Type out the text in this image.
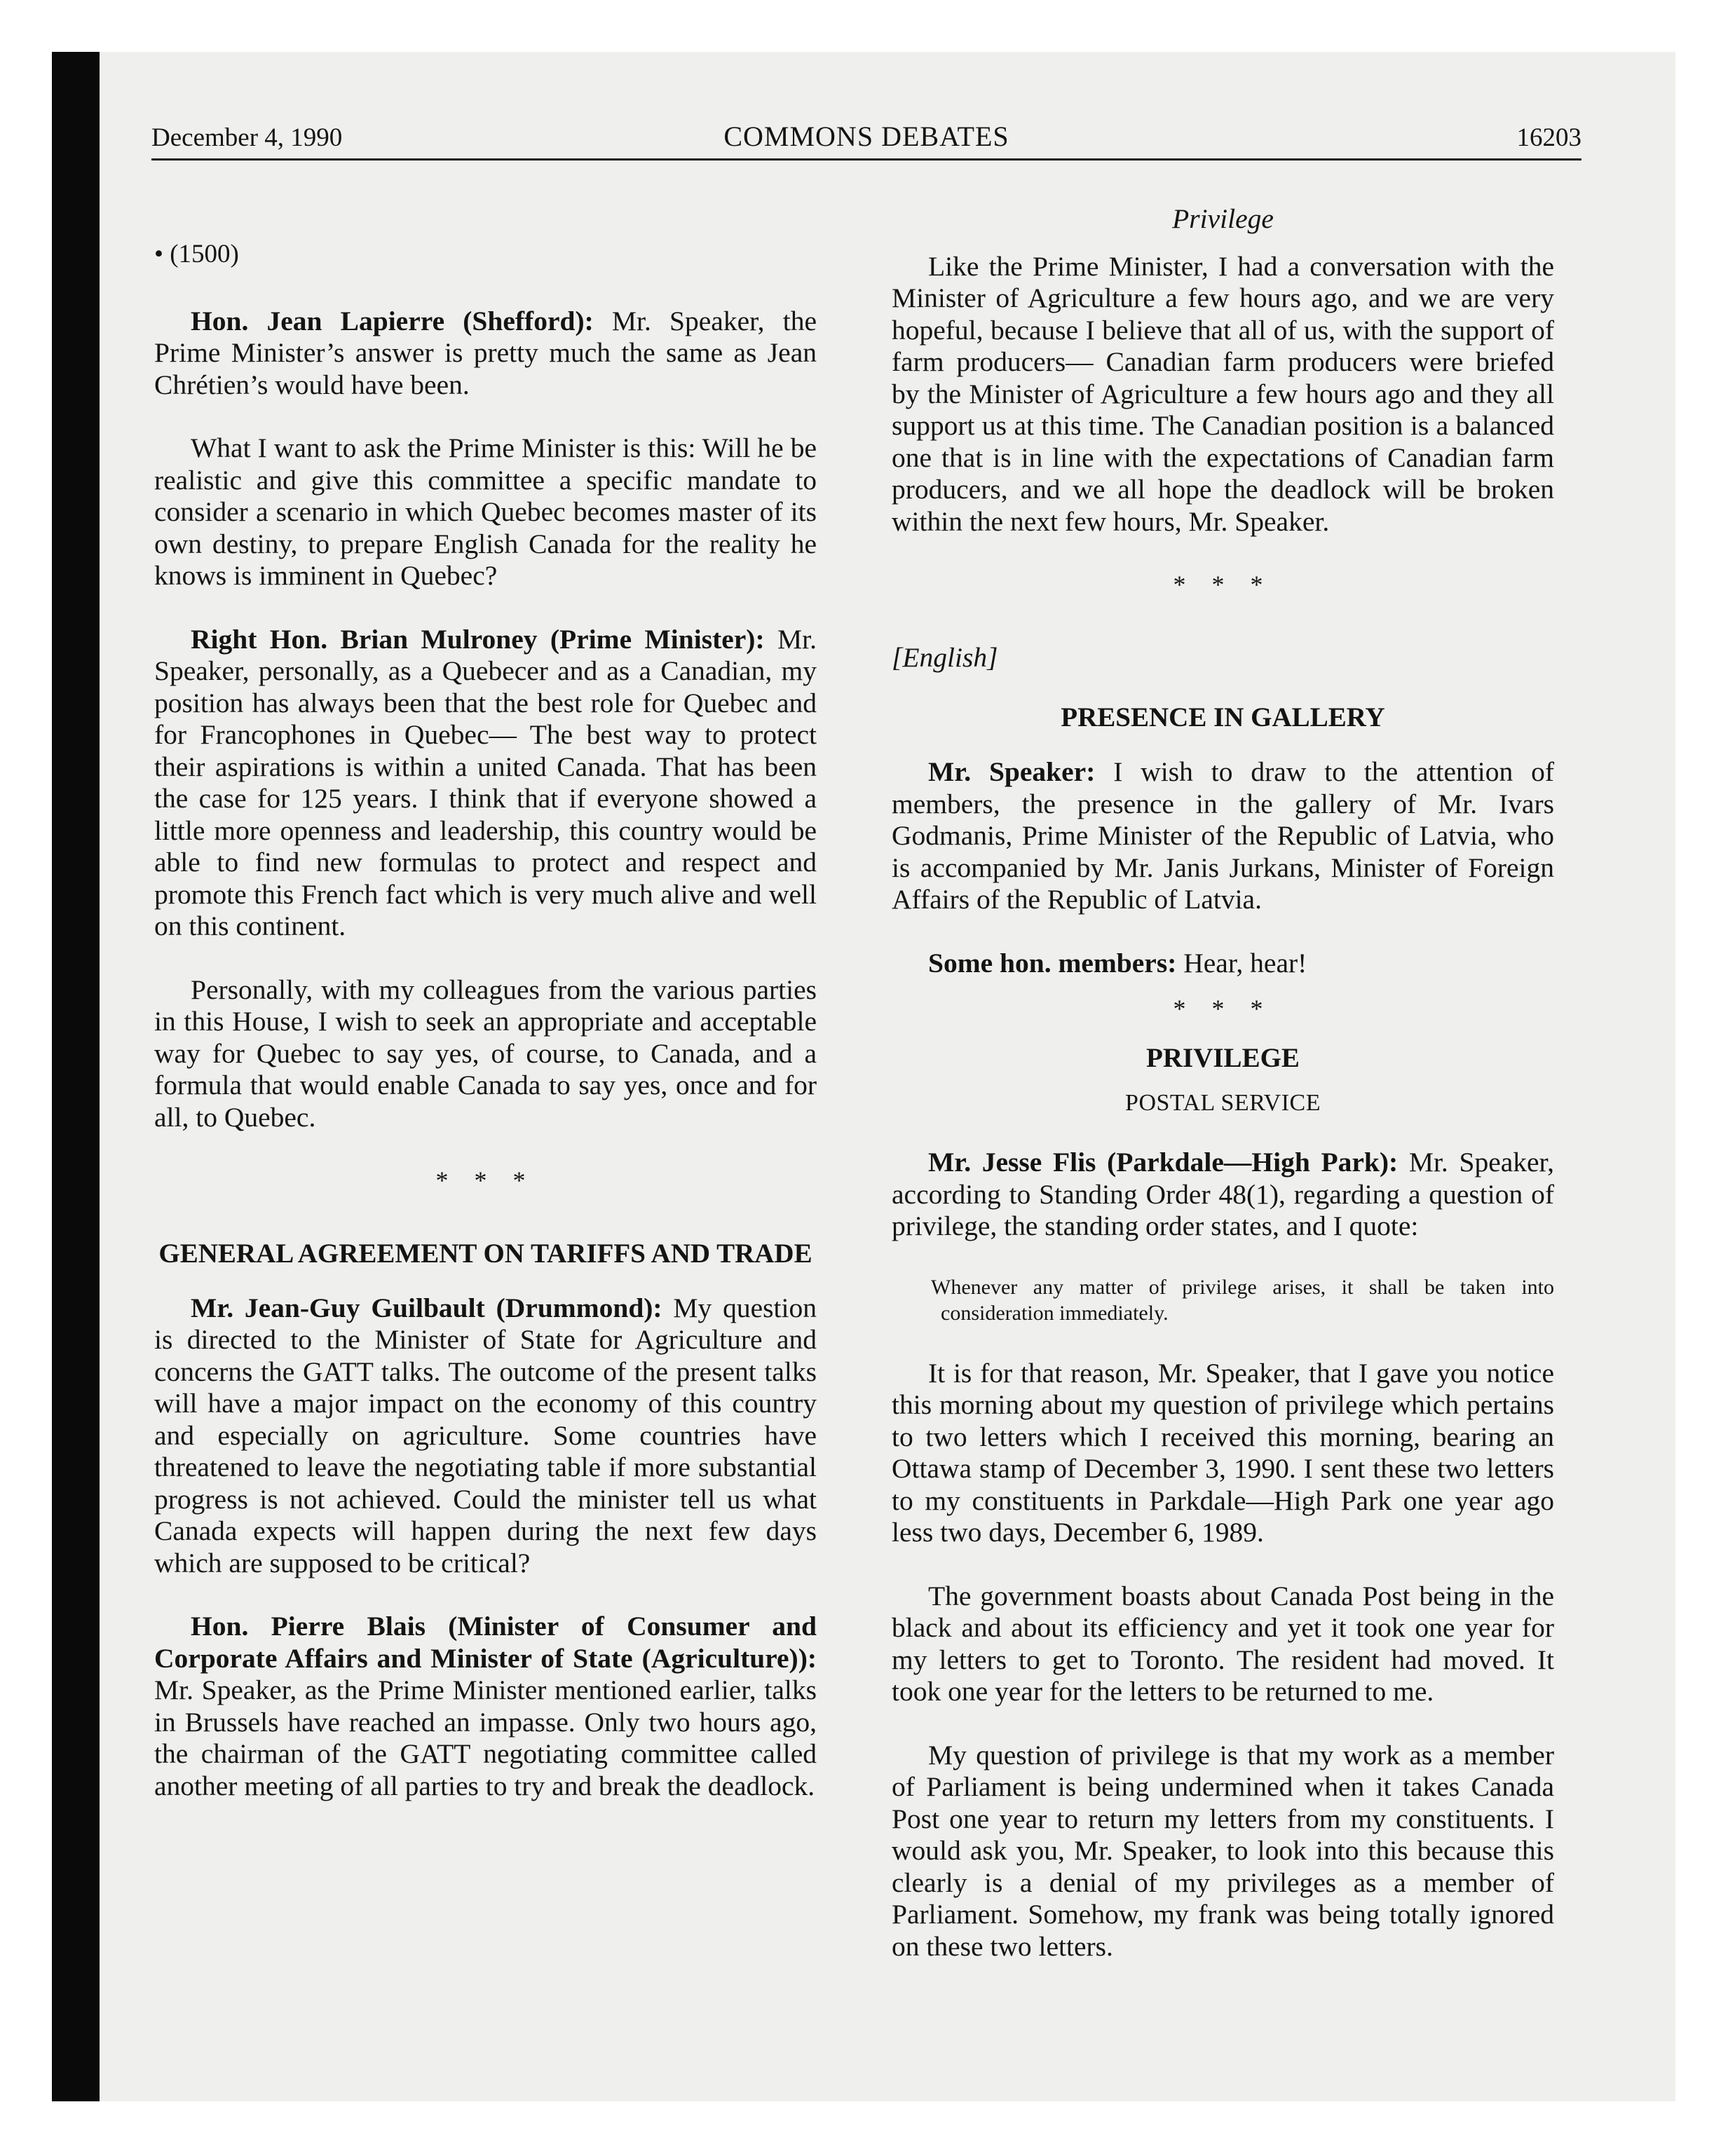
December 4, 1990	COMMONS DEBATES	16203
• (1500)

Hon. Jean Lapierre (Shefford): Mr. Speaker, the Prime Minister’s answer is pretty much the same as Jean Chrétien’s would have been.

What I want to ask the Prime Minister is this: Will he be realistic and give this committee a specific mandate to consider a scenario in which Quebec becomes master of its own destiny, to prepare English Canada for the reality he knows is imminent in Quebec?

Right Hon. Brian Mulroney (Prime Minister): Mr. Speaker, personally, as a Quebecer and as a Canadian, my position has always been that the best role for Quebec and for Francophones in Quebec— The best way to protect their aspirations is within a united Canada. That has been the case for 125 years. I think that if everyone showed a little more openness and leadership, this country would be able to find new formulas to protect and respect and promote this French fact which is very much alive and well on this continent.

Personally, with my colleagues from the various parties in this House, I wish to seek an appropriate and acceptable way for Quebec to say yes, of course, to Canada, and a formula that would enable Canada to say yes, once and for all, to Quebec.

* * *
GENERAL AGREEMENT ON TARIFFS AND TRADE

Mr. Jean-Guy Guilbault (Drummond): My question is directed to the Minister of State for Agriculture and concerns the GATT talks. The outcome of the present talks will have a major impact on the economy of this country and especially on agriculture. Some countries have threatened to leave the negotiating table if more substantial progress is not achieved. Could the minister tell us what Canada expects will happen during the next few days which are supposed to be critical?

Hon. Pierre Blais (Minister of Consumer and Corporate Affairs and Minister of State (Agriculture)): Mr. Speaker, as the Prime Minister mentioned earlier, talks in Brussels have reached an impasse. Only two hours ago, the chairman of the GATT negotiating committee called another meeting of all parties to try and break the deadlock.

Privilege

Like the Prime Minister, I had a conversation with the Minister of Agriculture a few hours ago, and we are very hopeful, because I believe that all of us, with the support of farm producers— Canadian farm producers were briefed by the Minister of Agriculture a few hours ago and they all support us at this time. The Canadian position is a balanced one that is in line with the expectations of Canadian farm producers, and we all hope the deadlock will be broken within the next few hours, Mr. Speaker.

* * *
[English]
PRESENCE IN GALLERY

Mr. Speaker: I wish to draw to the attention of members, the presence in the gallery of Mr. Ivars Godmanis, Prime Minister of the Republic of Latvia, who is accompanied by Mr. Janis Jurkans, Minister of Foreign Affairs of the Republic of Latvia.

Some hon. members: Hear, hear!

* * *
PRIVILEGE
POSTAL SERVICE

Mr. Jesse Flis (Parkdale—High Park): Mr. Speaker, according to Standing Order 48(1), regarding a question of privilege, the standing order states, and I quote:

Whenever any matter of privilege arises, it shall be taken into consideration immediately.

It is for that reason, Mr. Speaker, that I gave you notice this morning about my question of privilege which pertains to two letters which I received this morning, bearing an Ottawa stamp of December 3, 1990. I sent these two letters to my constituents in Parkdale—High Park one year ago less two days, December 6, 1989.

The government boasts about Canada Post being in the black and about its efficiency and yet it took one year for my letters to get to Toronto. The resident had moved. It took one year for the letters to be returned to me.

My question of privilege is that my work as a member of Parliament is being undermined when it takes Canada Post one year to return my letters from my constituents. I would ask you, Mr. Speaker, to look into this because this clearly is a denial of my privileges as a member of Parliament. Somehow, my frank was being totally ignored on these two letters.
